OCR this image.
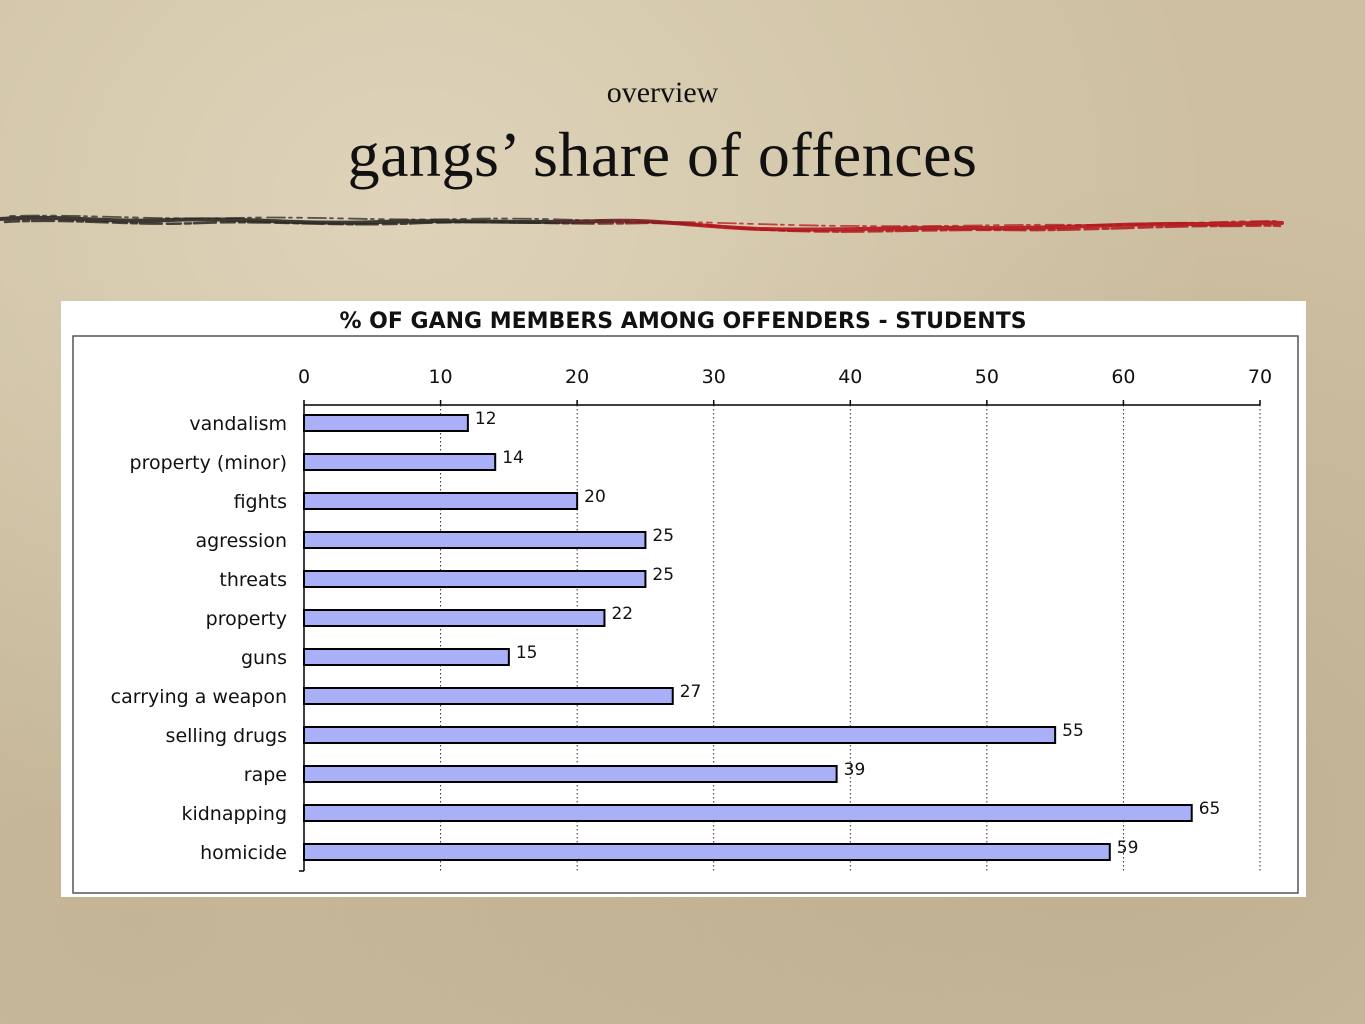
overview
gangs’ share of offences
% OF GANG MEMBERS AMONG OFFENDERS - STUDENTS
0	10	20	30	40	50	60	70
vandalism
property (minor)
fights
agression
threats
property
guns
carrying a weapon
selling drugs
rape
kidnapping
homicide
12
14
20
25
25
22
15
27
55
39
65
59
